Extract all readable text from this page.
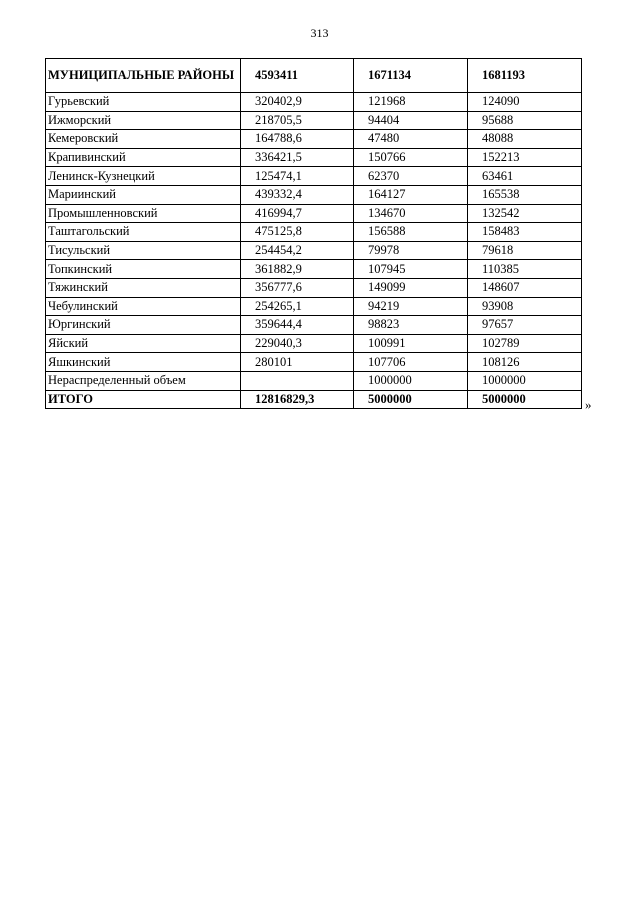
313
МУНИЦИПАЛЬНЫЕ РАЙОНЫ	4593411	1671134	1681193
Гурьевский	320402,9	121968	124090
Ижморский	218705,5	94404	95688
Кемеровский	164788,6	47480	48088
Крапивинский	336421,5	150766	152213
Ленинск-Кузнецкий	125474,1	62370	63461
Мариинский	439332,4	164127	165538
Промышленновский	416994,7	134670	132542
Таштагольский	475125,8	156588	158483
Тисульский	254454,2	79978	79618
Топкинский	361882,9	107945	110385
Тяжинский	356777,6	149099	148607
Чебулинский	254265,1	94219	93908
Юргинский	359644,4	98823	97657
Яйский	229040,3	100991	102789
Яшкинский	280101	107706	108126
Нераспределенный объем		1000000	1000000
ИТОГО	12816829,3	5000000	5000000	»
